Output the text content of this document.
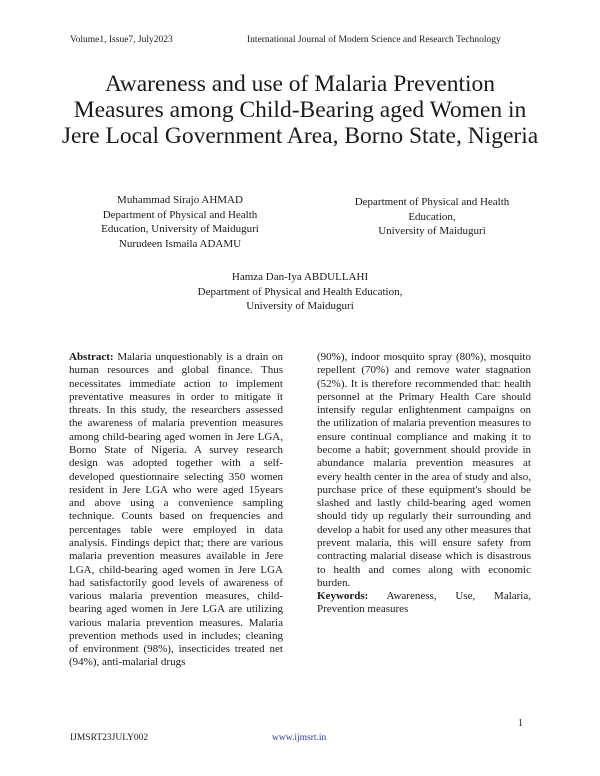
Volume1, Issue7, July2023	International Journal of Modern Science and Research Technology
Awareness and use of Malaria Prevention Measures among Child-Bearing aged Women in Jere Local Government Area, Borno State, Nigeria
Muhammad Sirajo AHMAD
Department of Physical and Health
Education, University of Maiduguri
Nurudeen Ismaila ADAMU
Department of Physical and Health
Education,
University of Maiduguri
Hamza Dan-Iya ABDULLAHI
Department of Physical and Health Education,
University of Maiduguri

Abstract: Malaria unquestionably is a drain on human resources and global finance. Thus necessitates immediate action to implement preventative measures in order to mitigate it threats. In this study, the researchers assessed the awareness of malaria prevention measures among child-bearing aged women in Jere LGA, Borno State of Nigeria. A survey research design was adopted together with a self-developed questionnaire selecting 350 women resident in Jere LGA who were aged 15years and above using a convenience sampling technique. Counts based on frequencies and percentages table were employed in data analysis. Findings depict that; there are various malaria prevention measures available in Jere LGA, child-bearing aged women in Jere LGA had satisfactorily good levels of awareness of various malaria prevention measures, child-bearing aged women in Jere LGA are utilizing various malaria prevention measures. Malaria prevention methods used in includes; cleaning of environment (98%), insecticides treated net (94%), anti-malarial drugs

(90%), indoor mosquito spray (80%), mosquito repellent (70%) and remove water stagnation (52%). It is therefore recommended that: health personnel at the Primary Health Care should intensify regular enlightenment campaigns on the utilization of malaria prevention measures to ensure continual compliance and making it to become a habit; government should provide in abundance malaria prevention measures at every health center in the area of study and also, purchase price of these equipment's should be slashed and lastly child-bearing aged women should tidy up regularly their surrounding and develop a habit for used any other measures that prevent malaria, this will ensure safety from contracting malarial disease which is disastrous to health and comes along with economic burden.

Keywords: Awareness, Use, Malaria, Prevention measures

1
IJMSRT23JULY002	www.ijmsrt.in
